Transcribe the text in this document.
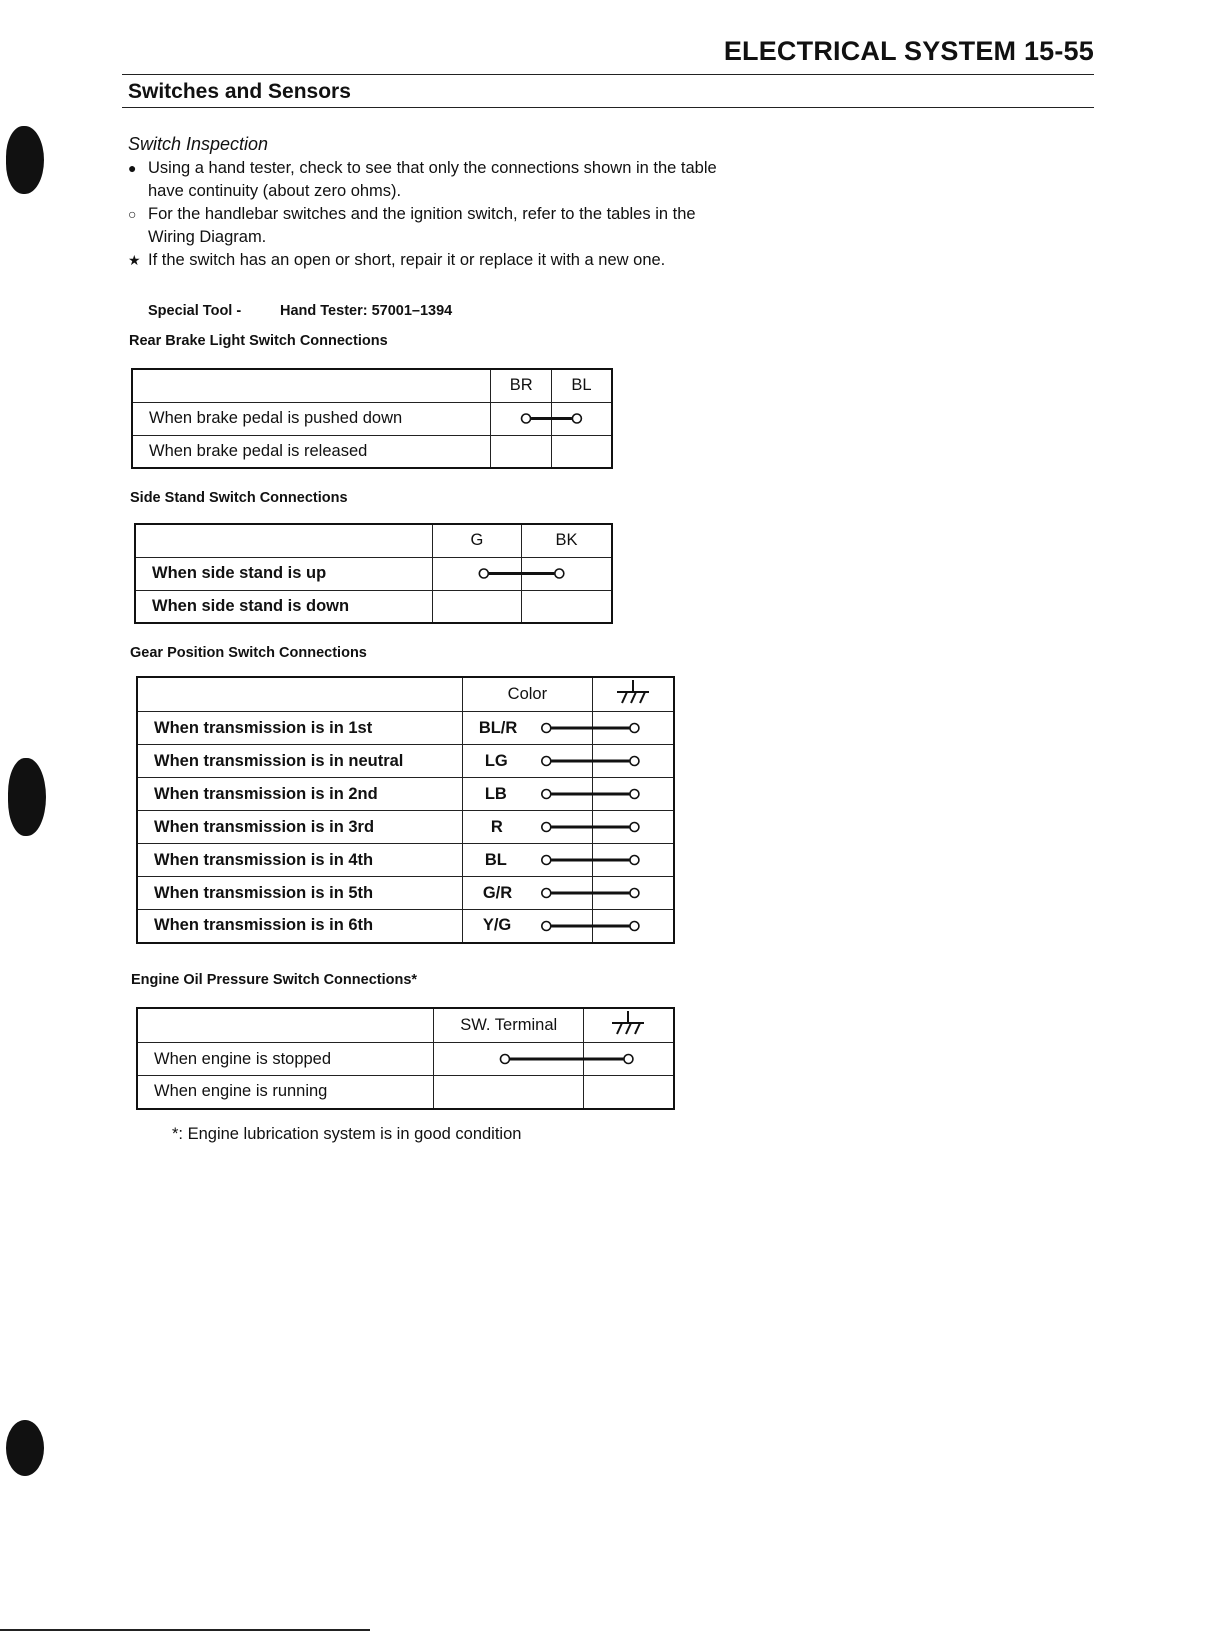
ELECTRICAL SYSTEM 15-55
Switches and Sensors
Switch Inspection
● Using a hand tester, check to see that only the connections shown in the table have continuity (about zero ohms).
○ For the handlebar switches and the ignition switch, refer to the tables in the Wiring Diagram.
★ If the switch has an open or short, repair it or replace it with a new one.
Special Tool -	Hand Tester: 57001–1394
Rear Brake Light Switch Connections
	BR	BL
When brake pedal is pushed down		
When brake pedal is released		
Side Stand Switch Connections
	G	BK
When side stand is up		
When side stand is down		
Gear Position Switch Connections
	Color	
When transmission is in 1st	BL/R	
When transmission is in neutral	LG	
When transmission is in 2nd	LB	
When transmission is in 3rd	R	
When transmission is in 4th	BL	
When transmission is in 5th	G/R	
When transmission is in 6th	Y/G	
Engine Oil Pressure Switch Connections*
	SW. Terminal	
When engine is stopped		
When engine is running		
*: Engine lubrication system is in good condition
